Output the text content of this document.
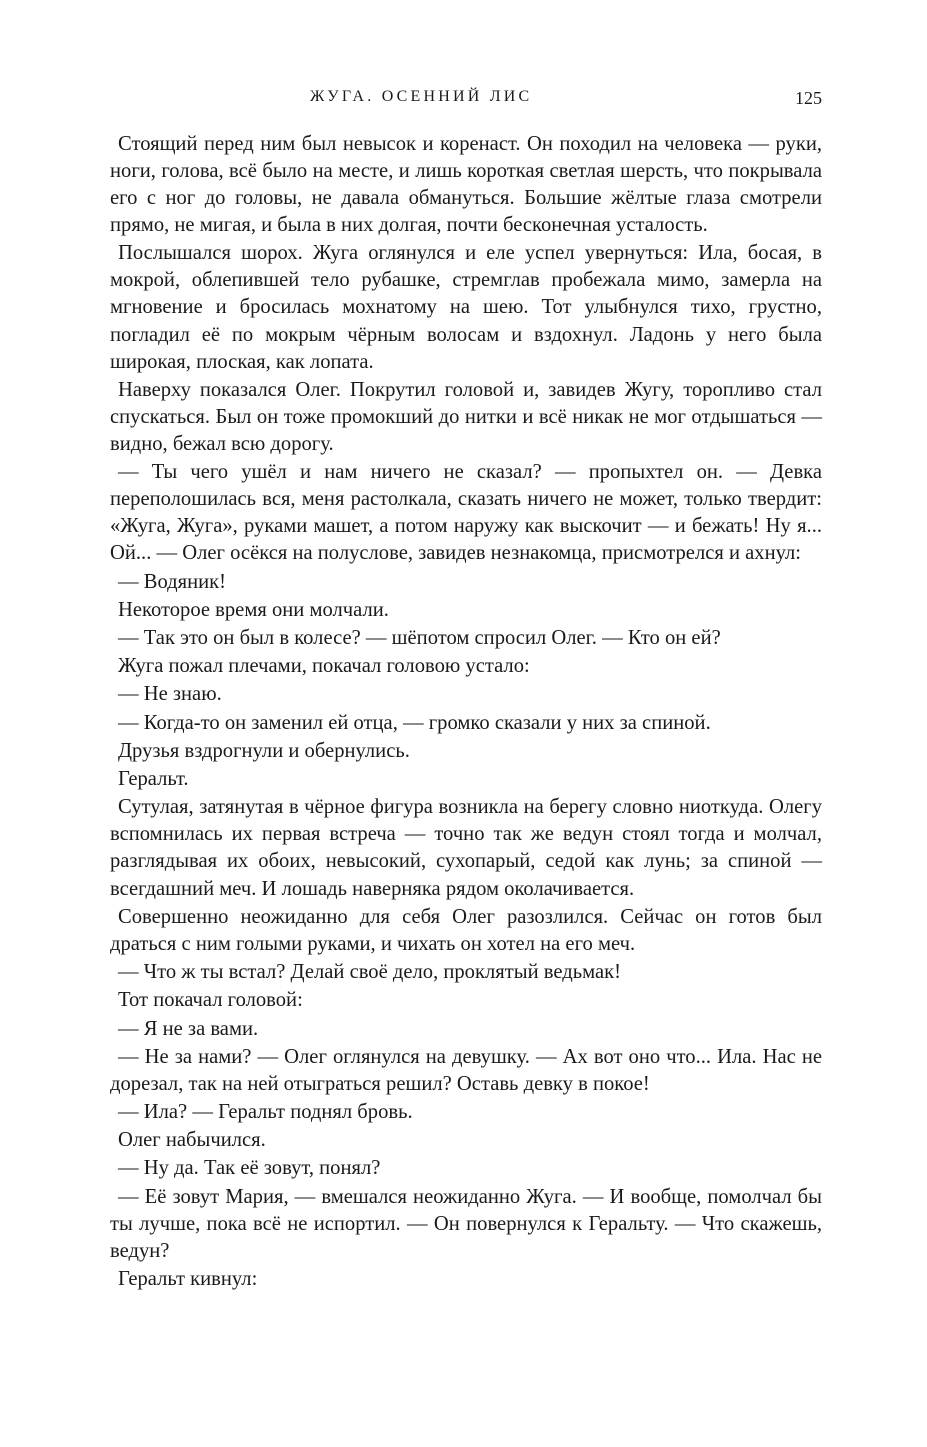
ЖУГА. ОСЕННИЙ ЛИС	125

Стоящий перед ним был невысок и коренаст. Он походил на человека — руки, ноги, голова, всё было на месте, и лишь короткая светлая шерсть, что покрывала его с ног до головы, не давала обмануться. Большие жёлтые глаза смотрели прямо, не мигая, и была в них долгая, почти бесконечная усталость.

Послышался шорох. Жуга оглянулся и еле успел увернуться: Ила, босая, в мокрой, облепившей тело рубашке, стремглав пробежала мимо, замерла на мгновение и бросилась мохнатому на шею. Тот улыбнулся тихо, грустно, погладил её по мокрым чёрным волосам и вздохнул. Ладонь у него была широкая, плоская, как лопата.

Наверху показался Олег. Покрутил головой и, завидев Жугу, торопливо стал спускаться. Был он тоже промокший до нитки и всё никак не мог отдышаться — видно, бежал всю дорогу.

— Ты чего ушёл и нам ничего не сказал? — пропыхтел он. — Девка переполошилась вся, меня растолкала, сказать ничего не может, только твердит: «Жуга, Жуга», руками машет, а потом наружу как выскочит — и бежать! Ну я... Ой... — Олег осёкся на полуслове, завидев незнакомца, присмотрелся и ахнул:

— Водяник!

Некоторое время они молчали.

— Так это он был в колесе? — шёпотом спросил Олег. — Кто он ей?

Жуга пожал плечами, покачал головою устало:

— Не знаю.

— Когда-то он заменил ей отца, — громко сказали у них за спиной.

Друзья вздрогнули и обернулись.

Геральт.

Сутулая, затянутая в чёрное фигура возникла на берегу словно ниоткуда. Олегу вспомнилась их первая встреча — точно так же ведун стоял тогда и молчал, разглядывая их обоих, невысокий, сухопарый, седой как лунь; за спиной — всегдашний меч. И лошадь наверняка рядом околачивается.

Совершенно неожиданно для себя Олег разозлился. Сейчас он готов был драться с ним голыми руками, и чихать он хотел на его меч.

— Что ж ты встал? Делай своё дело, проклятый ведьмак!

Тот покачал головой:

— Я не за вами.

— Не за нами? — Олег оглянулся на девушку. — Ах вот оно что... Ила. Нас не дорезал, так на ней отыграться решил? Оставь девку в покое!

— Ила? — Геральт поднял бровь.

Олег набычился.

— Ну да. Так её зовут, понял?

— Её зовут Мария, — вмешался неожиданно Жуга. — И вообще, помолчал бы ты лучше, пока всё не испортил. — Он повернулся к Геральту. — Что скажешь, ведун?

Геральт кивнул:
